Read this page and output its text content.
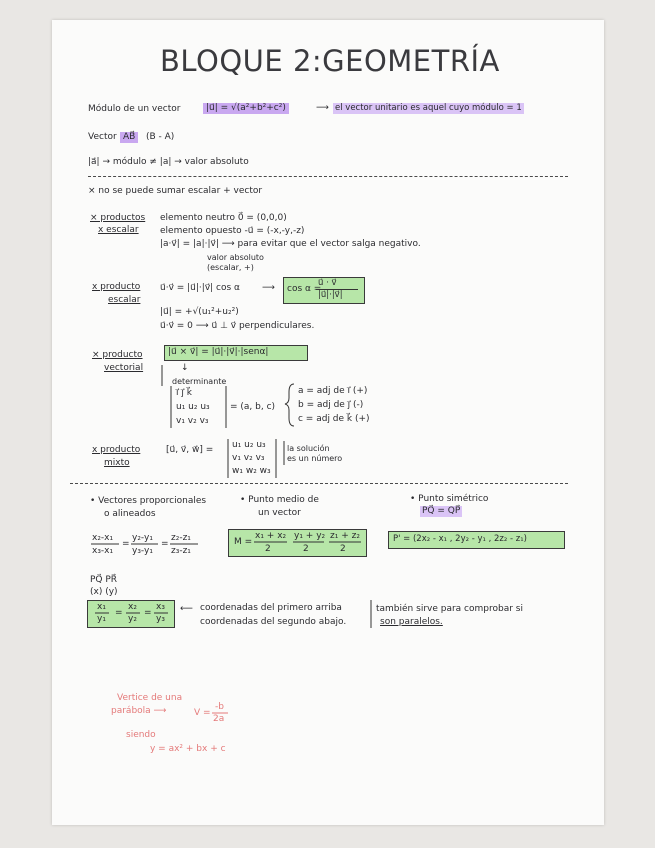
BLOQUE 2:GEOMETRÍA
Módulo de un vector	|u⃗| = √(a²+b²+c²)	⟶ el vector unitario es aquel cuyo módulo = 1
Vector AB⃗	(B - A)
|a⃗| → módulo ≠ |a| → valor absoluto
× no se puede sumar escalar + vector
× productos
x escalar
elemento neutro 0⃗ = (0,0,0)
elemento opuesto -u⃗ = (-x,-y,-z)
|a·v⃗| = |a|·|v⃗| ⟶ para evitar que el vector salga negativo.
valor absoluto
(escalar, +)
x producto
escalar
u⃗·v⃗ = |u⃗|·|v⃗| cos α ⟶ cos α =
u⃗ · v⃗
|u⃗|·|v⃗|
|u⃗| = +√(u₁²+u₂²)
u⃗·v⃗ = 0 ⟶ u⃗ ⊥ v⃗ perpendiculares.
× producto
vectorial
|u⃗ × v⃗| = |u⃗|·|v⃗|·|senα|
↓
determinante
i⃗ j⃗ k⃗
u₁ u₂ u₃
v₁ v₂ v₃
= (a, b, c)
a = adj de i⃗ (+)
b = adj de j⃗ (-)
c = adj de k⃗ (+)
x producto
mixto
[u⃗, v⃗, w⃗] = u₁ u₂ u₃
v₁ v₂ v₃
w₁ w₂ w₃
la solución
es un número
• Vectores proporcionales
o alineados
x₂-x₁
x₃-x₁
=
y₂-y₁
y₃-y₁
=
z₂-z₁
z₃-z₁
• Punto medio de
un vector
M =
x₁ + x₂
2
y₁ + y₂
2
z₁ + z₂
2
• Punto simétrico
PQ⃗ = QP⃗
P' = (2x₂ - x₁ , 2y₂ - y₁ , 2z₂ - z₁)
PQ⃗ PR⃗
(x) (y)
x₁
y₁
=
x₂
y₂
=
x₃
y₃
⟵ coordenadas del primero arriba
coordenadas del segundo abajo.
también sirve para comprobar si
son paralelos.
Vertice de una
parábola ⟶	V =
-b
2a
siendo
y = ax² + bx + c
